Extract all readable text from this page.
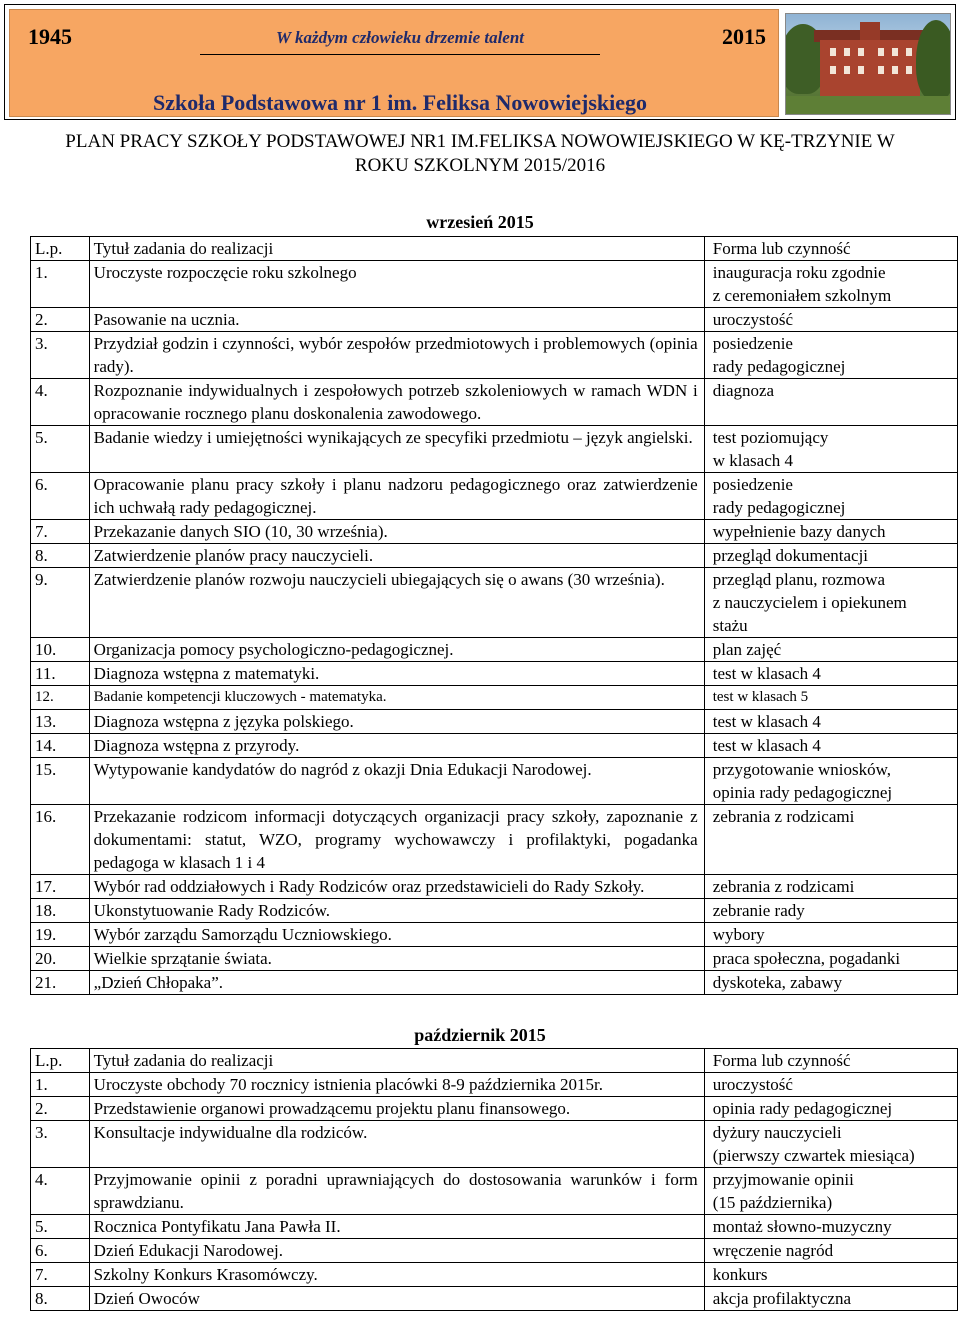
1945	W każdym człowieku drzemie talent	2015
Szkoła Podstawowa nr 1 im. Feliksa Nowowiejskiego
PLAN PRACY SZKOŁY PODSTAWOWEJ NR1 IM.FELIKSA NOWOWIEJSKIEGO W KĘ-TRZYNIE W ROKU SZKOLNYM 2015/2016
wrzesień 2015
L.p.	Tytuł zadania do realizacji	Forma lub czynność
1.	Uroczyste rozpoczęcie roku szkolnego	inauguracja roku zgodnie
z ceremoniałem szkolnym
2.	Pasowanie na ucznia.	uroczystość
3.	Przydział godzin i czynności, wybór zespołów przedmiotowych i problemowych (opinia rady).	posiedzenie
rady pedagogicznej
4.	Rozpoznanie indywidualnych i zespołowych potrzeb szkoleniowych w ramach WDN i opracowanie rocznego planu doskonalenia zawodowego.	diagnoza
5.	Badanie wiedzy i umiejętności wynikających ze specyfiki przedmiotu – język angielski.	test poziomujący
w klasach 4
6.	Opracowanie planu pracy szkoły i planu nadzoru pedagogicznego oraz zatwierdzenie ich uchwałą rady pedagogicznej.	posiedzenie
rady pedagogicznej
7.	Przekazanie danych SIO (10, 30 września).	wypełnienie bazy danych
8.	Zatwierdzenie planów pracy nauczycieli.	przegląd dokumentacji
9.	Zatwierdzenie planów rozwoju nauczycieli ubiegających się o awans (30 września).	przegląd planu, rozmowa
z nauczycielem i opiekunem
stażu
10.	Organizacja pomocy psychologiczno-pedagogicznej.	plan zajęć
11.	Diagnoza wstępna z matematyki.	test w klasach 4
12.	Badanie kompetencji kluczowych - matematyka.	test w klasach 5
13.	Diagnoza wstępna z języka polskiego.	test w klasach 4
14.	Diagnoza wstępna z przyrody.	test w klasach 4
15.	Wytypowanie kandydatów do nagród z okazji Dnia Edukacji Narodowej.	przygotowanie wniosków,
opinia rady pedagogicznej
16.	Przekazanie rodzicom informacji dotyczących organizacji pracy szkoły, zapoznanie z dokumentami: statut, WZO, programy wychowawczy i profilaktyki, pogadanka pedagoga w klasach 1 i 4	zebrania z rodzicami
17.	Wybór rad oddziałowych i Rady Rodziców oraz przedstawicieli do Rady Szkoły.	zebrania z rodzicami
18.	Ukonstytuowanie Rady Rodziców.	zebranie rady
19.	Wybór zarządu Samorządu Uczniowskiego.	wybory
20.	Wielkie sprzątanie świata.	praca społeczna, pogadanki
21.	„Dzień Chłopaka”.	dyskoteka, zabawy
październik 2015
L.p.	Tytuł zadania do realizacji	Forma lub czynność
1.	Uroczyste obchody 70 rocznicy istnienia placówki 8-9 października 2015r.	uroczystość
2.	Przedstawienie organowi prowadzącemu projektu planu finansowego.	opinia rady pedagogicznej
3.	Konsultacje indywidualne dla rodziców.	dyżury nauczycieli
(pierwszy czwartek miesiąca)
4.	Przyjmowanie opinii z poradni uprawniających do dostosowania warunków i form sprawdzianu.	przyjmowanie opinii
(15 października)
5.	Rocznica Pontyfikatu Jana Pawła II.	montaż słowno-muzyczny
6.	Dzień Edukacji Narodowej.	wręczenie nagród
7.	Szkolny Konkurs Krasomówczy.	konkurs
8.	Dzień Owoców	akcja profilaktyczna
